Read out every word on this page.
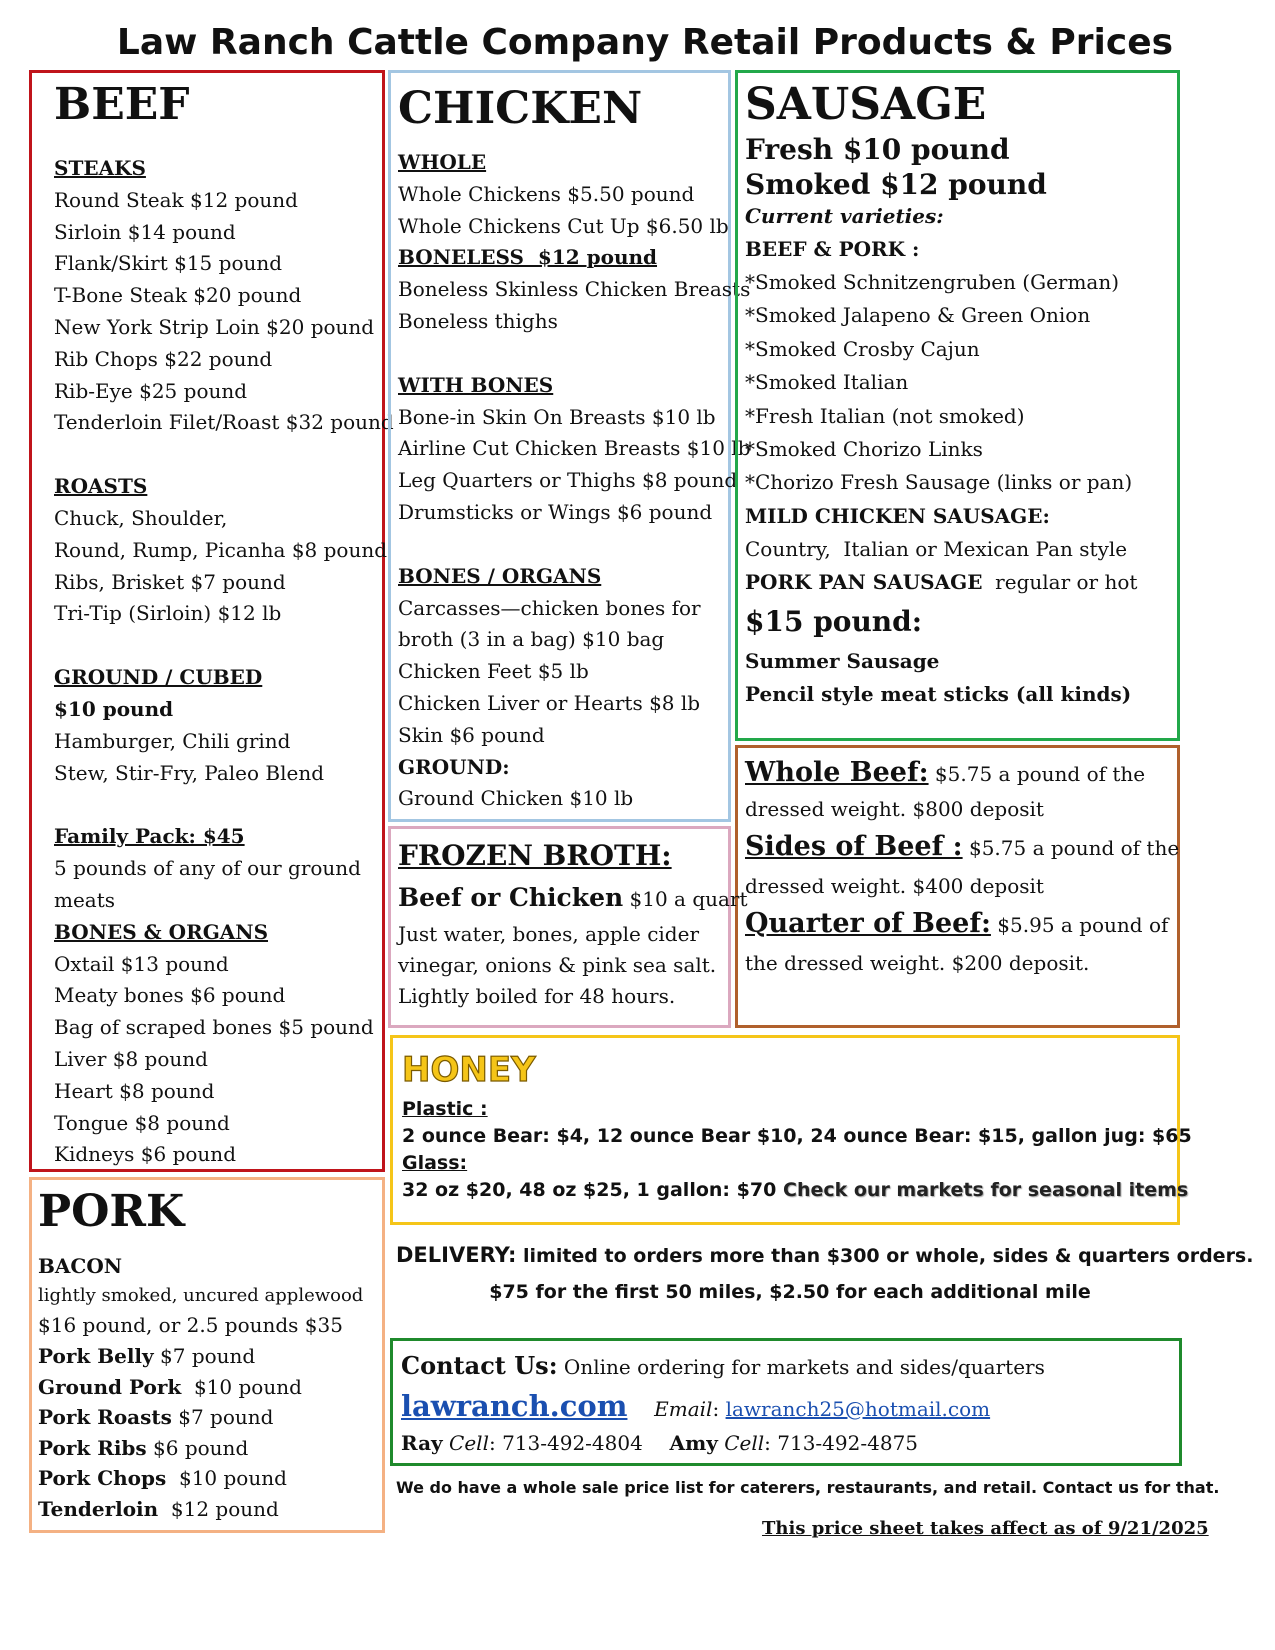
Law Ranch Cattle Company Retail Products & Prices
BEEF
STEAKS
Round Steak $12 pound
Sirloin $14 pound
Flank/Skirt $15 pound
T-Bone Steak $20 pound
New York Strip Loin $20 pound
Rib Chops $22 pound
Rib-Eye $25 pound
Tenderloin Filet/Roast $32 pound
ROASTS
Chuck, Shoulder,
Round, Rump, Picanha $8 pound
Ribs, Brisket $7 pound
Tri-Tip (Sirloin) $12 lb
GROUND / CUBED
$10 pound
Hamburger, Chili grind
Stew, Stir-Fry, Paleo Blend
Family Pack: $45
5 pounds of any of our ground
meats
BONES & ORGANS
Oxtail $13 pound
Meaty bones $6 pound
Bag of scraped bones $5 pound
Liver $8 pound
Heart $8 pound
Tongue $8 pound
Kidneys $6 pound
CHICKEN
WHOLE
Whole Chickens $5.50 pound
Whole Chickens Cut Up $6.50 lb
BONELESS  $12 pound
Boneless Skinless Chicken Breasts
Boneless thighs
WITH BONES
Bone-in Skin On Breasts $10 lb
Airline Cut Chicken Breasts $10 lb
Leg Quarters or Thighs $8 pound
Drumsticks or Wings $6 pound
BONES / ORGANS
Carcasses—chicken bones for
broth (3 in a bag) $10 bag
Chicken Feet $5 lb
Chicken Liver or Hearts $8 lb
Skin $6 pound
GROUND:
Ground Chicken $10 lb
SAUSAGE
Fresh $10 pound
Smoked $12 pound
Current varieties:
BEEF & PORK :
*Smoked Schnitzengruben (German)
*Smoked Jalapeno & Green Onion
*Smoked Crosby Cajun
*Smoked Italian
*Fresh Italian (not smoked)
*Smoked Chorizo Links
*Chorizo Fresh Sausage (links or pan)
MILD CHICKEN SAUSAGE:
Country,  Italian or Mexican Pan style
PORK PAN SAUSAGE  regular or hot
$15 pound:
Summer Sausage
Pencil style meat sticks (all kinds)
Whole Beef: $5.75 a pound of the
dressed weight. $800 deposit
Sides of Beef : $5.75 a pound of the
dressed weight. $400 deposit
Quarter of Beef: $5.95 a pound of
the dressed weight. $200 deposit.
FROZEN BROTH:
Beef or Chicken $10 a quart
Just water, bones, apple cider
vinegar, onions & pink sea salt.
Lightly boiled for 48 hours.
PORK
BACON
lightly smoked, uncured applewood
$16 pound, or 2.5 pounds $35
Pork Belly $7 pound
Ground Pork  $10 pound
Pork Roasts $7 pound
Pork Ribs $6 pound
Pork Chops  $10 pound
Tenderloin  $12 pound
HONEY
Plastic :
2 ounce Bear: $4, 12 ounce Bear $10, 24 ounce Bear: $15, gallon jug: $65
Glass:
32 oz $20, 48 oz $25, 1 gallon: $70 Check our markets for seasonal items
DELIVERY: limited to orders more than $300 or whole, sides & quarters orders.
$75 for the first 50 miles, $2.50 for each additional mile
Contact Us: Online ordering for markets and sides/quarters
lawranch.com Email: lawranch25@hotmail.com
Ray Cell: 713-492-4804 Amy Cell: 713-492-4875
We do have a whole sale price list for caterers, restaurants, and retail. Contact us for that.
This price sheet takes affect as of 9/21/2025
